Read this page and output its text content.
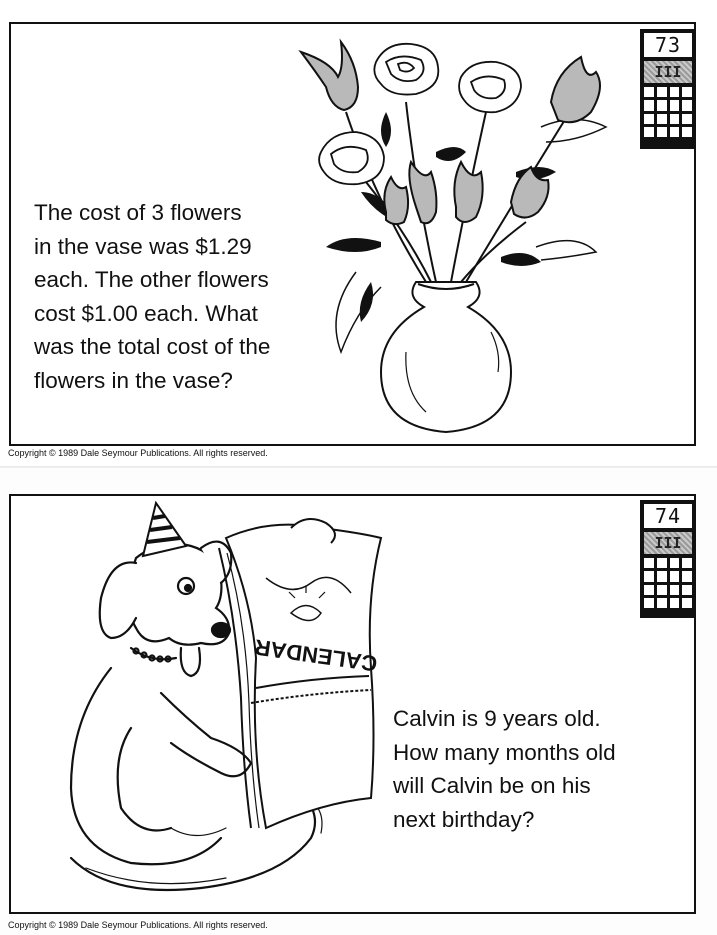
The cost of 3 flowers
in the vase was $1.29
each. The other flowers
cost $1.00 each. What
was the total cost of the
flowers in the vase?
73
III
Copyright © 1989 Dale Seymour Publications. All rights reserved.
Calvin is 9 years old.
How many months old
will Calvin be on his
next birthday?
CALENDAR
74
III
Copyright © 1989 Dale Seymour Publications. All rights reserved.
